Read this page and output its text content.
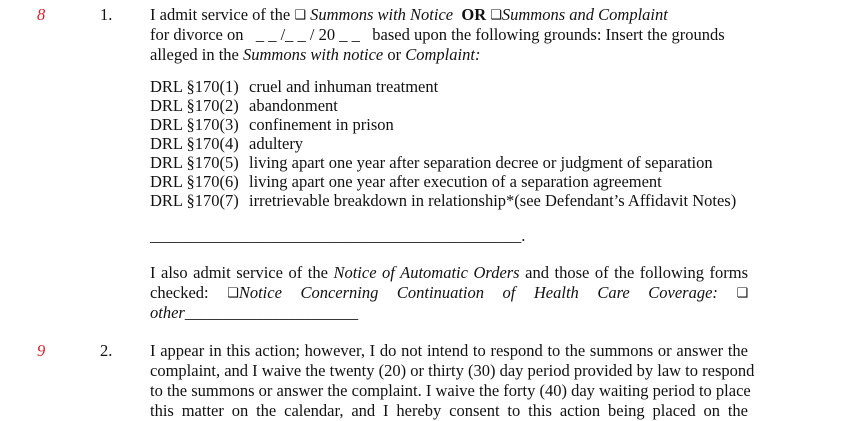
8	1. I admit service of the ❑ Summons with Notice OR ❑Summons and Complaint
for divorce on _ _ /_ _ / 20 _ _ based upon the following grounds: Insert the grounds
alleged in the Summons with notice or Complaint:
DRL §170(1) cruel and inhuman treatment
DRL §170(2) abandonment
DRL §170(3) confinement in prison
DRL §170(4) adultery
DRL §170(5) living apart one year after separation decree or judgment of separation
DRL §170(6) living apart one year after execution of a separation agreement
DRL §170(7) irretrievable breakdown in relationship*(see Defendant’s Affidavit Notes)
_____________________________________________.
I also admit service of the Notice of Automatic Orders and those of the following forms
checked: ❑Notice Concerning Continuation of Health Care Coverage: ❑
other_____________________
9	2. I appear in this action; however, I do not intend to respond to the summons or answer the
complaint, and I waive the twenty (20) or thirty (30) day period provided by law to respond
to the summons or answer the complaint. I waive the forty (40) day waiting period to place
this matter on the calendar, and I hereby consent to this action being placed on the
